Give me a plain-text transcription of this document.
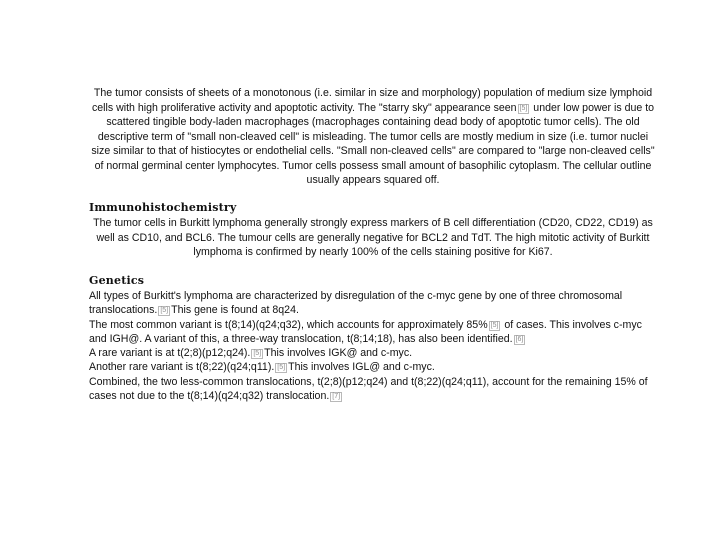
The tumor consists of sheets of a monotonous (i.e. similar in size and morphology) population of medium size lymphoid cells with high proliferative activity and apoptotic activity. The "starry sky" appearance seen [5] under low power is due to scattered tingible body-laden macrophages (macrophages containing dead body of apoptotic tumor cells). The old descriptive term of "small non-cleaved cell" is misleading. The tumor cells are mostly medium in size (i.e. tumor nuclei size similar to that of histiocytes or endothelial cells. "Small non-cleaved cells" are compared to "large non-cleaved cells" of normal germinal center lymphocytes. Tumor cells possess small amount of basophilic cytoplasm. The cellular outline usually appears squared off.
Immunohistochemistry
The tumor cells in Burkitt lymphoma generally strongly express markers of B cell differentiation (CD20, CD22, CD19) as well as CD10, and BCL6. The tumour cells are generally negative for BCL2 and TdT. The high mitotic activity of Burkitt lymphoma is confirmed by nearly 100% of the cells staining positive for Ki67.
Genetics
All types of Burkitt's lymphoma are characterized by disregulation of the c-myc gene by one of three chromosomal translocations. [5] This gene is found at 8q24.
The most common variant is t(8;14)(q24;q32), which accounts for approximately 85% [5] of cases. This involves c-myc and IGH@. A variant of this, a three-way translocation, t(8;14;18), has also been identified. [6]
A rare variant is at t(2;8)(p12;q24). [5] This involves IGK@ and c-myc.
Another rare variant is t(8;22)(q24;q11). [5] This involves IGL@ and c-myc.
Combined, the two less-common translocations, t(2;8)(p12;q24) and t(8;22)(q24;q11), account for the remaining 15% of cases not due to the t(8;14)(q24;q32) translocation. [7]
